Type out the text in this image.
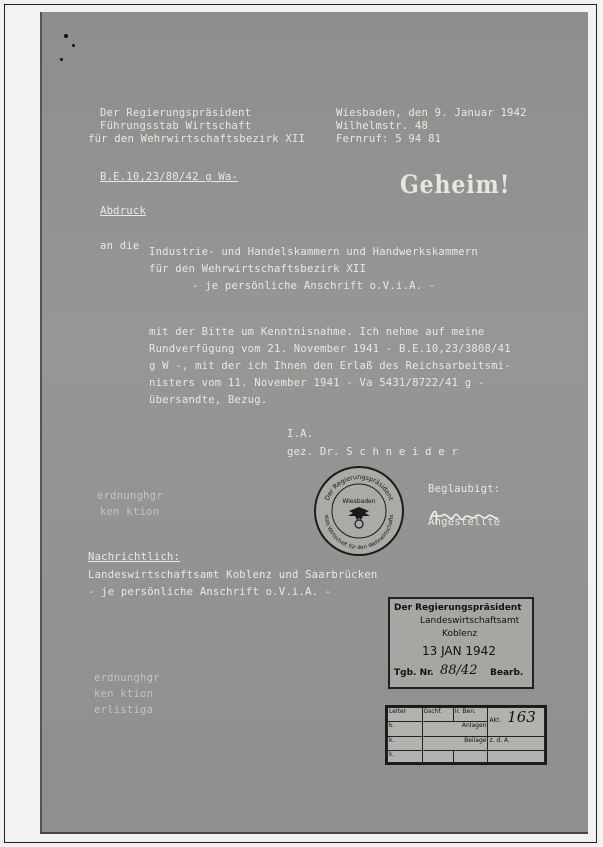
Der Regierungspräsident
Führungsstab Wirtschaft
für den Wehrwirtschaftsbezirk XII
Wiesbaden, den 9. Januar 1942
Wilhelmstr. 48
Fernruf: 5 94 81
B.E.10,23/80/42 g Wa-	Geheim!
Abdruck
an die Industrie- und Handelskammern und Handwerkskammern
für den Wehrwirtschaftsbezirk XII
- je persönliche Anschrift o.V.i.A. -
mit der Bitte um Kenntnisnahme. Ich nehme auf meine
Rundverfügung vom 21. November 1941 - B.E.10,23/3808/41
g W -, mit der ich Ihnen den Erlaß des Reichsarbeitsmi-
nisters vom 11. November 1941 - Va 5431/8722/41 g -
übersandte, Bezug.
I.A.
gez. Dr. S c h n e i d e r
Beglaubigt:
Angestellte
Der Regierungspräsident
stab Wirtschaft für den Wehrwirtschafts
Wiesbaden
erdnunghgr
ken ktion
Nachrichtlich:
Landeswirtschaftsamt Koblenz und Saarbrücken
- je persönliche Anschrift o.V.i.A. -
erdnunghgr
ken ktion
erlistiga
Der Regierungspräsident
Landeswirtschaftsamt
Koblenz
13 JAN 1942
Tgb. Nr. 88/42 Bearb.
Leiter	Gschf.	Ir. Ben.	Akt. 163
k.	Anlagen		
k.	Beilage		z. d. A.
k.			
